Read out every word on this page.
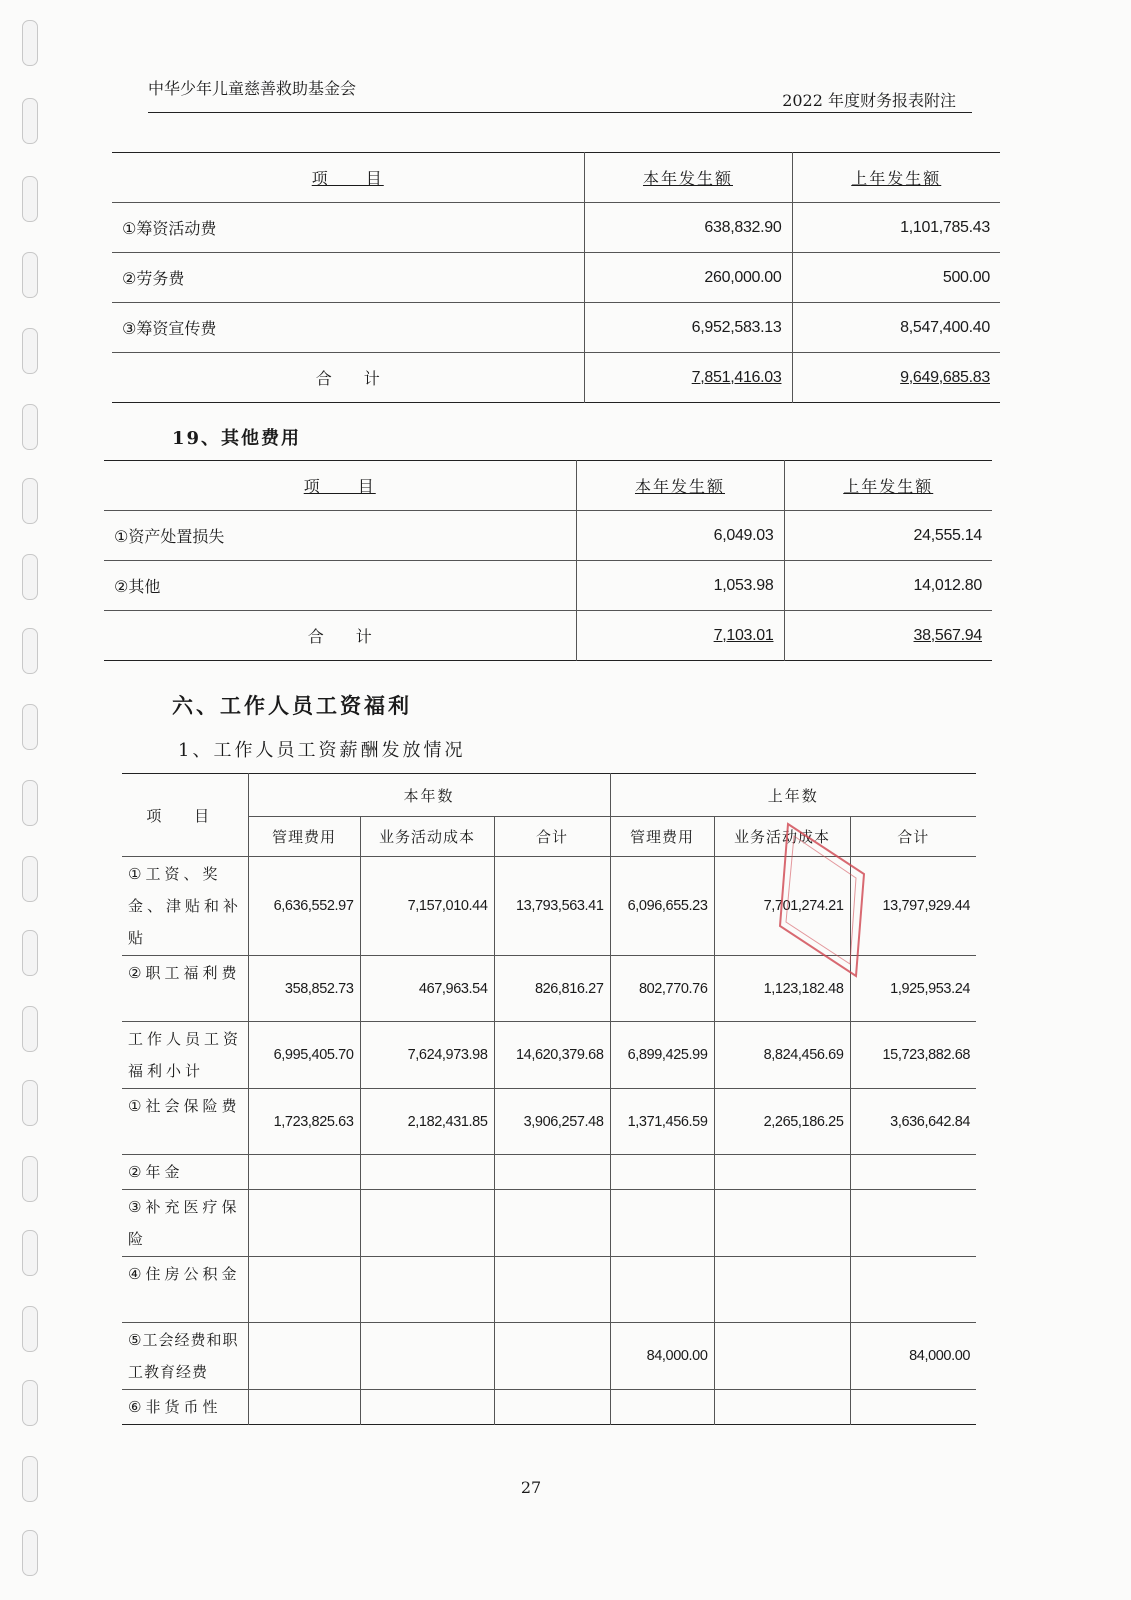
中华少年儿童慈善救助基金会
2022 年度财务报表附注
项　　目	本年发生额	上年发生额
①筹资活动费	638,832.90	1,101,785.43
②劳务费	260,000.00	500.00
③筹资宣传费	6,952,583.13	8,547,400.40
合　　计	7,851,416.03	9,649,685.83
19、其他费用
项　　目	本年发生额	上年发生额
①资产处置损失	6,049.03	24,555.14
②其他	1,053.98	14,012.80
合　　计	7,103.01	38,567.94
六、工作人员工资福利
1、工作人员工资薪酬发放情况
项 目	本年数			上年数		
	管理费用	业务活动成本	合计	管理费用	业务活动成本	合计
①工资、奖金、津贴和补贴	6,636,552.97	7,157,010.44	13,793,563.41	6,096,655.23	7,701,274.21	13,797,929.44
②职工福利费	358,852.73	467,963.54	826,816.27	802,770.76	1,123,182.48	1,925,953.24
工作人员工资福利小计	6,995,405.70	7,624,973.98	14,620,379.68	6,899,425.99	8,824,456.69	15,723,882.68
①社会保险费	1,723,825.63	2,182,431.85	3,906,257.48	1,371,456.59	2,265,186.25	3,636,642.84
②年金						
③补充医疗保险						
④住房公积金						
⑤工会经费和职工教育经费				84,000.00		84,000.00
⑥非货币性						
27
